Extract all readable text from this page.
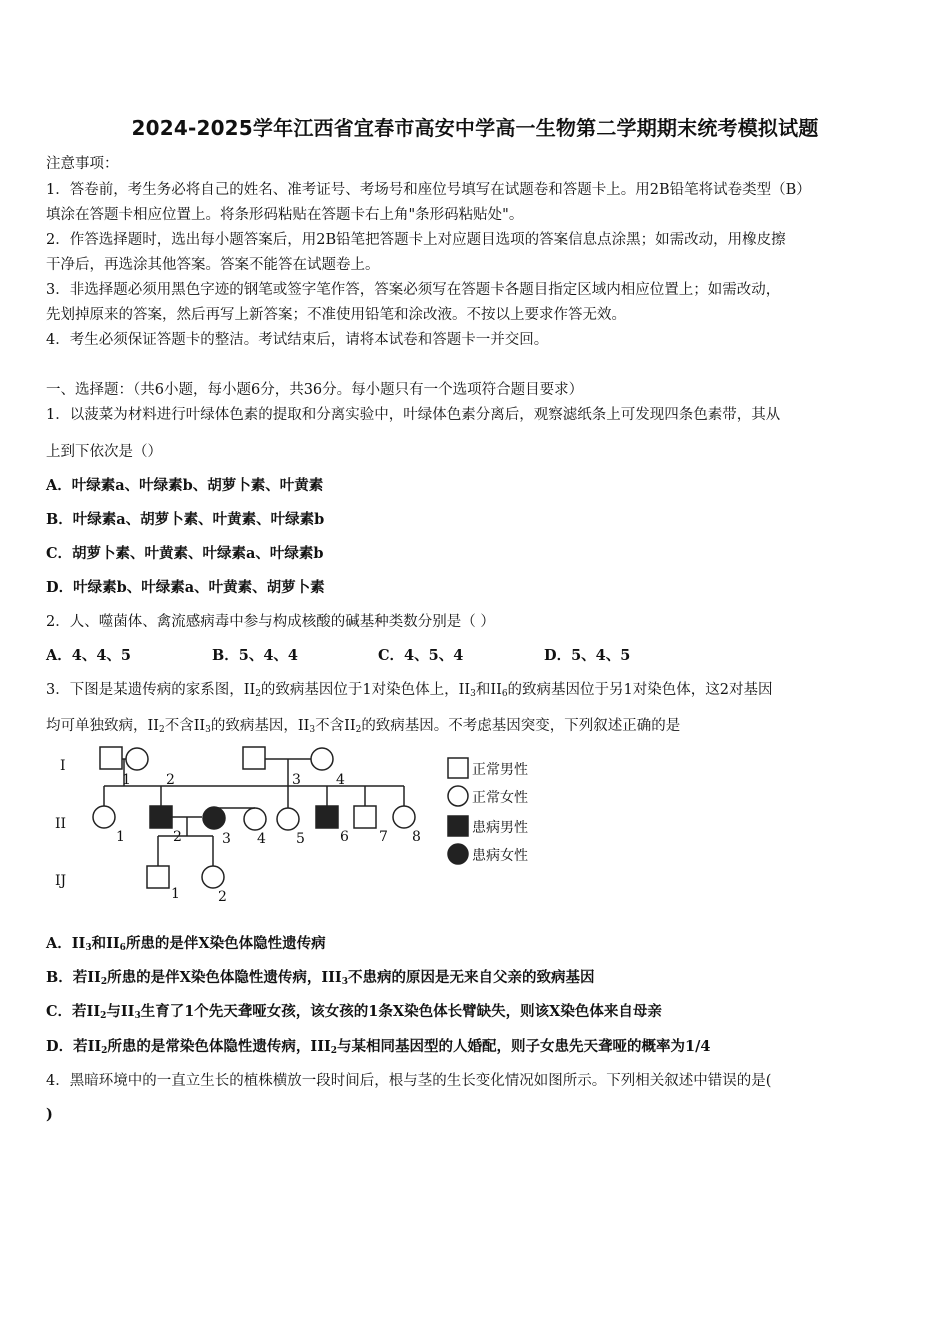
2024-2025学年江西省宜春市高安中学高一生物第二学期期末统考模拟试题
注意事项：
1．答卷前，考生务必将自己的姓名、准考证号、考场号和座位号填写在试题卷和答题卡上。用2B铅笔将试卷类型（B）
填涂在答题卡相应位置上。将条形码粘贴在答题卡右上角"条形码粘贴处"。
2．作答选择题时，选出每小题答案后，用2B铅笔把答题卡上对应题目选项的答案信息点涂黑；如需改动，用橡皮擦
干净后，再选涂其他答案。答案不能答在试题卷上。
3．非选择题必须用黑色字迹的钢笔或签字笔作答，答案必须写在答题卡各题目指定区域内相应位置上；如需改动，
先划掉原来的答案，然后再写上新答案；不准使用铅笔和涂改液。不按以上要求作答无效。
4．考生必须保证答题卡的整洁。考试结束后，请将本试卷和答题卡一并交回。
一、选择题：（共6小题，每小题6分，共36分。每小题只有一个选项符合题目要求）
1．以菠菜为材料进行叶绿体色素的提取和分离实验中，叶绿体色素分离后，观察滤纸条上可发现四条色素带，其从
上到下依次是（）
A．叶绿素a、叶绿素b、胡萝卜素、叶黄素
B．叶绿素a、胡萝卜素、叶黄素、叶绿素b
C．胡萝卜素、叶黄素、叶绿素a、叶绿素b
D．叶绿素b、叶绿素a、叶黄素、胡萝卜素
2．人、噬菌体、禽流感病毒中参与构成核酸的碱基种类数分别是（ ）
A．4、4、5	B．5、4、4	C．4、5、4	D．5、4、5
3．下图是某遗传病的家系图，$II_2$的致病基因位于1对染色体上，$II_3$和$II_6$的致病基因位于另1对染色体，这2对基因
均可单独致病，$II_2$不含$II_3$的致病基因，$II_3$不含$II_2$的致病基因。不考虑基因突变，下列叙述正确的是
I
II
IJ
1	2	3	4
1	2	3 4 5	6 7 8
1	2
正常男性
正常女性
患病男性
患病女性
A．$II_3$和$II_6$所患的是伴X染色体隐性遗传病
B．若$II_2$所患的是伴X染色体隐性遗传病，$III_3$不患病的原因是无来自父亲的致病基因
C．若$II_2$与$II_3$生育了1个先天聋哑女孩，该女孩的1条X染色体长臂缺失，则该X染色体来自母亲
D．若$II_2$所患的是常染色体隐性遗传病，$III_2$与某相同基因型的人婚配，则子女患先天聋哑的概率为1/4
4．黑暗环境中的一直立生长的植株横放一段时间后，根与茎的生长变化情况如图所示。下列相关叙述中错误的是(
)
